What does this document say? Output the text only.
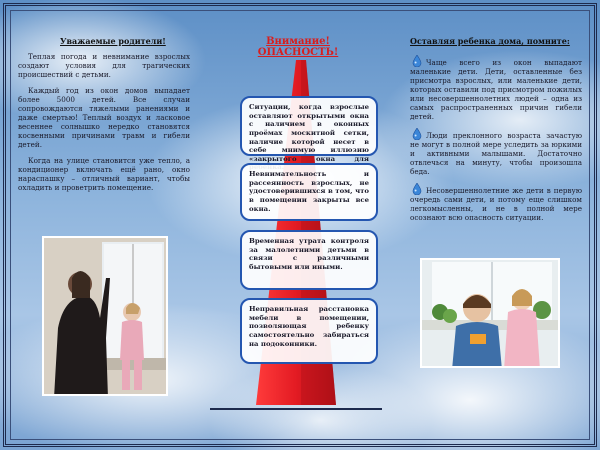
Уважаемые родители!

Теплая погода и невнимание взрослых создают условия для трагических происшествий с детьми.

Каждый год из окон домов выпадает более 5000 детей. Все случаи сопровождаются тяжелыми ранениями и даже смертью! Теплый воздух и ласковое весеннее солнышко нередко становятся косвенными причинами травм и гибели детей.

Когда на улице становится уже тепло, а кондиционер включать ещё рано, окно нараспашку – отличный вариант, чтобы охладить и проветрить помещение.

Внимание! ОПАСНОСТЬ!
Ситуации, когда взрослые оставляют открытыми окна с наличием в оконных проёмах москитной сетки, наличие которой несет в себе мнимую иллюзию «закрытого окна для
Невнимательность и рассеянность взрослых, не удостоверившихся в том, что в помещении закрыты все окна.
Временная утрата контроля за малолетними детьми в связи с различными бытовыми или иными.
Неправильная расстановка мебели в помещении, позволяющая ребенку самостоятельно забираться на подоконники.
Оставляя ребенка дома, помните:

Чаще всего из окон выпадают маленькие дети. Дети, оставленные без присмотра взрослых, или маленькие дети, которых оставили под присмотром пожилых или несовершеннолетних людей – одна из самых распространенных причин гибели детей.

Люди преклонного возраста зачастую не могут в полной мере уследить за юркими и активными малышами. Достаточно отвлечься на минуту, чтобы произошла беда.

Несовершеннолетние же дети в первую очередь сами дети, и потому еще слишком легкомысленны, и не в полной мере осознают всю опасность ситуации.
